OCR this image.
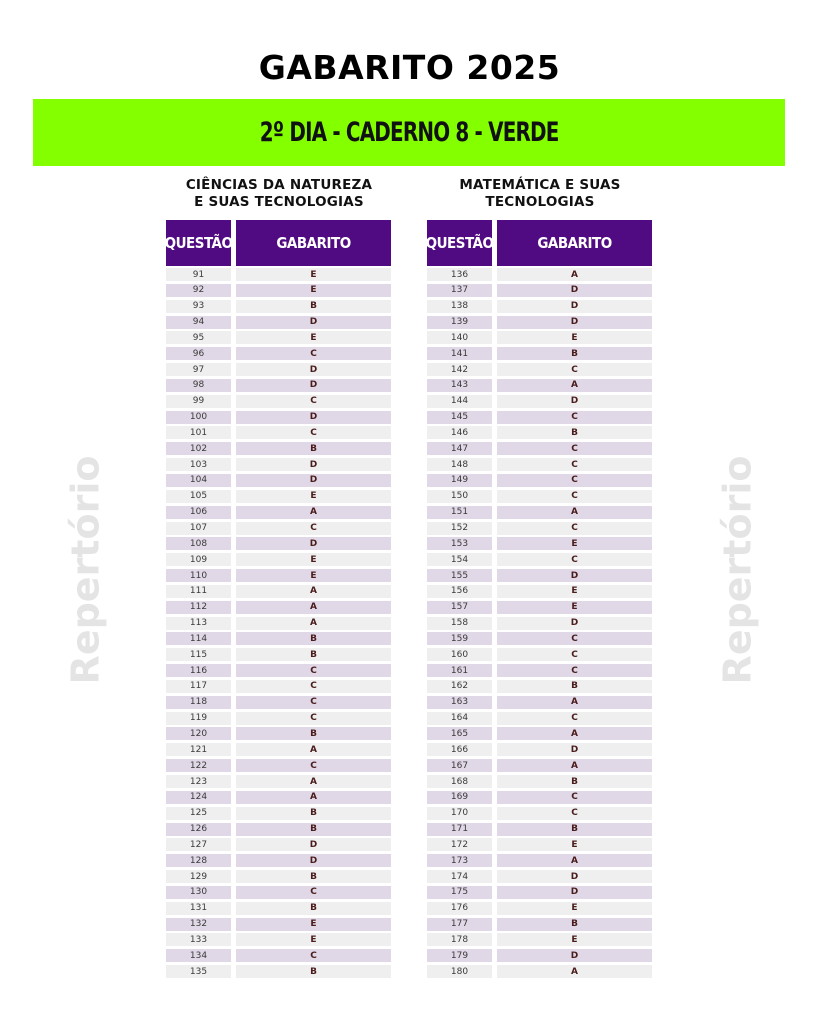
GABARITO 2025
2º DIA - CADERNO 8 - VERDE
Repertório	Repertório
CIÊNCIAS DA NATUREZA
E SUAS TECNOLOGIAS
MATEMÁTICA E SUAS
TECNOLOGIAS
QUESTÃO	GABARITO
91	E
92	E
93	B
94	D
95	E
96	C
97	D
98	D
99	C
100	D
101	C
102	B
103	D
104	D
105	E
106	A
107	C
108	D
109	E
110	E
111	A
112	A
113	A
114	B
115	B
116	C
117	C
118	C
119	C
120	B
121	A
122	C
123	A
124	A
125	B
126	B
127	D
128	D
129	B
130	C
131	B
132	E
133	E
134	C
135	B
QUESTÃO	GABARITO
136	A
137	D
138	D
139	D
140	E
141	B
142	C
143	A
144	D
145	C
146	B
147	C
148	C
149	C
150	C
151	A
152	C
153	E
154	C
155	D
156	E
157	E
158	D
159	C
160	C
161	C
162	B
163	A
164	C
165	A
166	D
167	A
168	B
169	C
170	C
171	B
172	E
173	A
174	D
175	D
176	E
177	B
178	E
179	D
180	A
